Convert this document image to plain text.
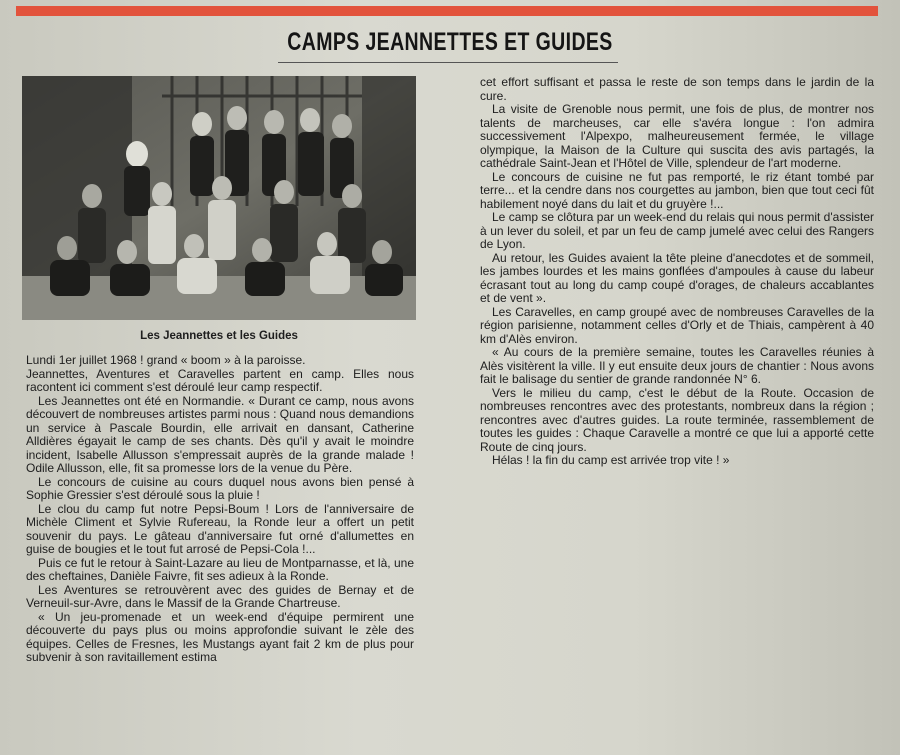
CAMPS JEANNETTES ET GUIDES
Les Jeannettes et les Guides

Lundi 1er juillet 1968 ! grand « boom » à la paroisse.

Jeannettes, Aventures et Caravelles partent en camp. Elles nous racontent ici comment s'est déroulé leur camp respectif.

Les Jeannettes ont été en Normandie. « Durant ce camp, nous avons découvert de nombreuses artistes parmi nous : Quand nous demandions un service à Pascale Bourdin, elle arrivait en dansant, Catherine Alldières égayait le camp de ses chants. Dès qu'il y avait le moindre incident, Isabelle Allusson s'empressait auprès de la grande malade ! Odile Allusson, elle, fit sa promesse lors de la venue du Père.

Le concours de cuisine au cours duquel nous avons bien pensé à Sophie Gressier s'est déroulé sous la pluie !

Le clou du camp fut notre Pepsi-Boum ! Lors de l'anniversaire de Michèle Climent et Sylvie Rufereau, la Ronde leur a offert un petit souvenir du pays. Le gâteau d'anniversaire fut orné d'allumettes en guise de bougies et le tout fut arrosé de Pepsi-Cola !...

Puis ce fut le retour à Saint-Lazare au lieu de Montparnasse, et là, une des cheftaines, Danièle Faivre, fit ses adieux à la Ronde.

Les Aventures se retrouvèrent avec des guides de Bernay et de Verneuil-sur-Avre, dans le Massif de la Grande Chartreuse.

« Un jeu-promenade et un week-end d'équipe permirent une découverte du pays plus ou moins approfondie suivant le zèle des équipes. Celles de Fresnes, les Mustangs ayant fait 2 km de plus pour subvenir à son ravitaillement estima

cet effort suffisant et passa le reste de son temps dans le jardin de la cure.

La visite de Grenoble nous permit, une fois de plus, de montrer nos talents de marcheuses, car elle s'avéra longue : l'on admira successivement l'Alpexpo, malheureusement fermée, le village olympique, la Maison de la Culture qui suscita des avis partagés, la cathédrale Saint-Jean et l'Hôtel de Ville, splendeur de l'art moderne.

Le concours de cuisine ne fut pas remporté, le riz étant tombé par terre... et la cendre dans nos courgettes au jambon, bien que tout ceci fût habilement noyé dans du lait et du gruyère !...

Le camp se clôtura par un week-end du relais qui nous permit d'assister à un lever du soleil, et par un feu de camp jumelé avec celui des Rangers de Lyon.

Au retour, les Guides avaient la tête pleine d'anecdotes et de sommeil, les jambes lourdes et les mains gonflées d'ampoules à cause du labeur écrasant tout au long du camp coupé d'orages, de chaleurs accablantes et de vent ».

Les Caravelles, en camp groupé avec de nombreuses Caravelles de la région parisienne, notamment celles d'Orly et de Thiais, campèrent à 40 km d'Alès environ.

« Au cours de la première semaine, toutes les Caravelles réunies à Alès visitèrent la ville. Il y eut ensuite deux jours de chantier : Nous avons fait le balisage du sentier de grande randonnée N° 6.

Vers le milieu du camp, c'est le début de la Route. Occasion de nombreuses rencontres avec des protestants, nombreux dans la région ; rencontres avec d'autres guides. La route terminée, rassemblement de toutes les guides : Chaque Caravelle a montré ce que lui a apporté cette Route de cinq jours.

Hélas ! la fin du camp est arrivée trop vite ! »
